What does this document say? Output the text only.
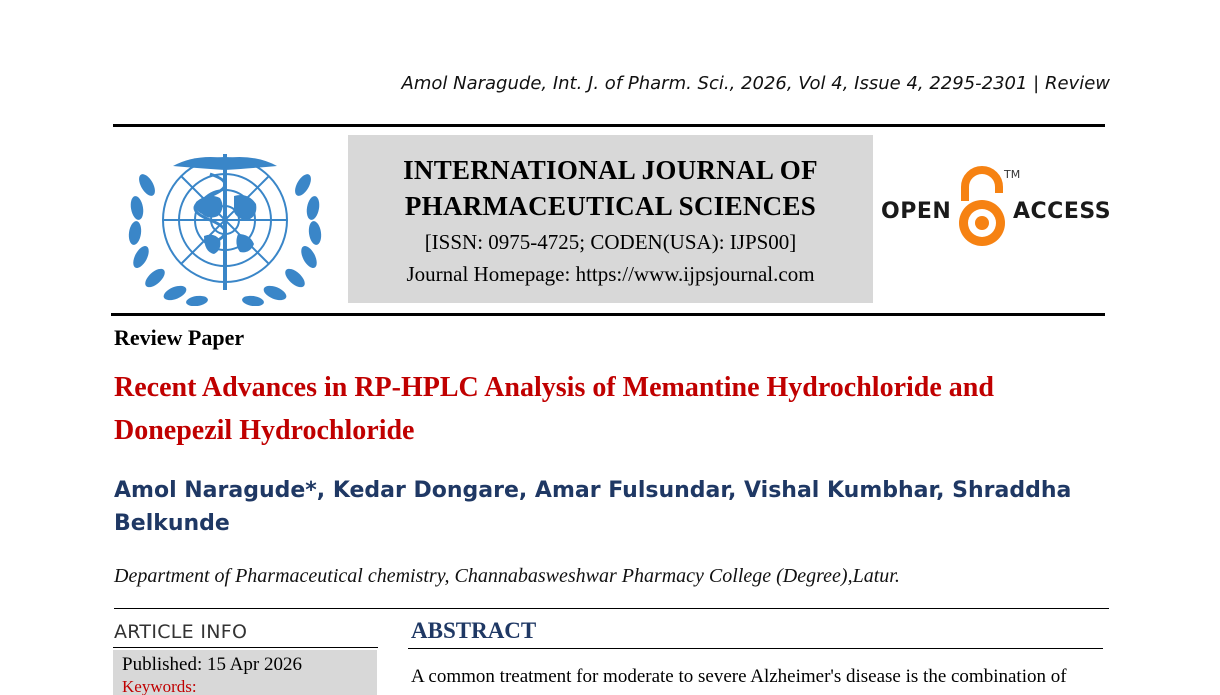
Amol Naragude, Int. J. of Pharm. Sci., 2026, Vol 4, Issue 4, 2295-2301 | Review
INTERNATIONAL JOURNAL OF
PHARMACEUTICAL SCIENCES
[ISSN: 0975-4725; CODEN(USA): IJPS00]
Journal Homepage: https://www.ijpsjournal.com
OPEN
TM
ACCESS
Review Paper
Recent Advances in RP-HPLC Analysis of Memantine Hydrochloride and Donepezil Hydrochloride
Amol Naragude*, Kedar Dongare, Amar Fulsundar, Vishal Kumbhar, Shraddha Belkunde
Department of Pharmaceutical chemistry, Channabasweshwar Pharmacy College (Degree),Latur.
ARTICLE INFO
Published: 15 Apr 2026
Keywords:
ABSTRACT
A common treatment for moderate to severe Alzheimer's disease is the combination of
